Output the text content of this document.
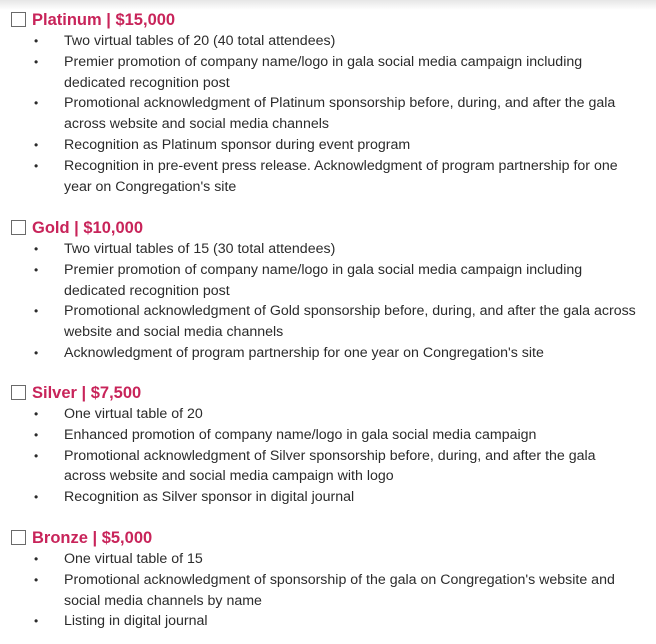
Platinum | $15,000
• Two virtual tables of 20 (40 total attendees)
• Premier promotion of company name/logo in gala social media campaign including dedicated recognition post
• Promotional acknowledgment of Platinum sponsorship before, during, and after the gala across website and social media channels
• Recognition as Platinum sponsor during event program
• Recognition in pre-event press release. Acknowledgment of program partnership for one year on Congregation's site
Gold | $10,000
• Two virtual tables of 15 (30 total attendees)
• Premier promotion of company name/logo in gala social media campaign including dedicated recognition post
• Promotional acknowledgment of Gold sponsorship before, during, and after the gala across website and social media channels
• Acknowledgment of program partnership for one year on Congregation's site
Silver | $7,500
• One virtual table of 20
• Enhanced promotion of company name/logo in gala social media campaign
• Promotional acknowledgment of Silver sponsorship before, during, and after the gala across website and social media campaign with logo
• Recognition as Silver sponsor in digital journal
Bronze | $5,000
• One virtual table of 15
• Promotional acknowledgment of sponsorship of the gala on Congregation's website and social media channels by name
• Listing in digital journal
